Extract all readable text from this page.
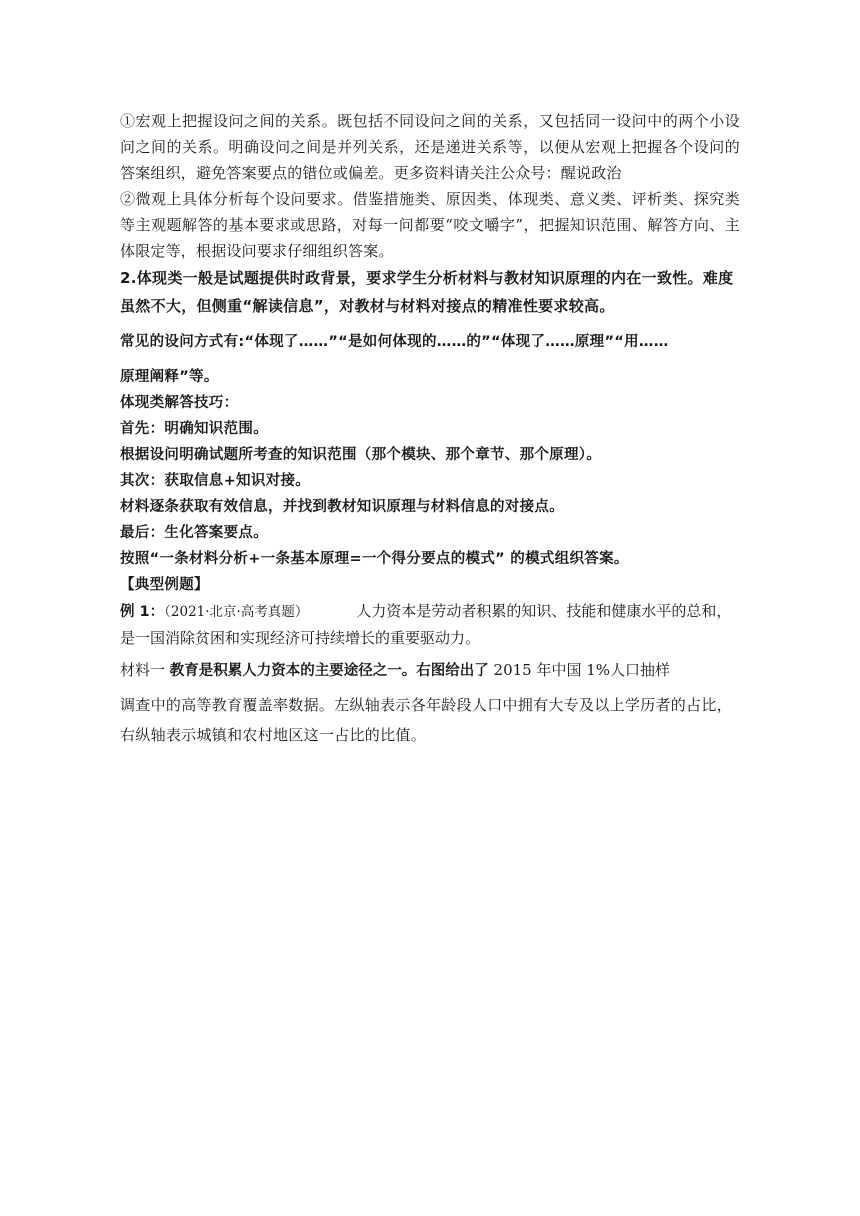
①宏观上把握设问之间的关系。既包括不同设问之间的关系，又包括同一设问中的两个小设问之间的关系。明确设问之间是并列关系，还是递进关系等，以便从宏观上把握各个设问的答案组织，避免答案要点的错位或偏差。更多资料请关注公众号：醒说政治

②微观上具体分析每个设问要求。借鉴措施类、原因类、体现类、意义类、评析类、探究类等主观题解答的基本要求或思路，对每一问都要“咬文嚼字”，把握知识范围、解答方向、主体限定等，根据设问要求仔细组织答案。

2.体现类一般是试题提供时政背景，要求学生分析材料与教材知识原理的内在一致性。难度虽然不大，但侧重“解读信息”，对教材与材料对接点的精准性要求较高。

常见的设问方式有:“体现了……”“是如何体现的……的”“体现了……原理”“用……

原理阐释”等。

体现类解答技巧：

首先：明确知识范围。

根据设问明确试题所考查的知识范围（那个模块、那个章节、那个原理）。

其次：获取信息+知识对接。

材料逐条获取有效信息，并找到教材知识原理与材料信息的对接点。

最后：生化答案要点。

按照“一条材料分析+一条基本原理=一个得分要点的模式” 的模式组织答案。

【典型例题】

例 1：（2021·北京·高考真题）	人力资本是劳动者积累的知识、技能和健康水平的总和，是一国消除贫困和实现经济可持续增长的重要驱动力。

材料一 教育是积累人力资本的主要途径之一。右图给出了 2015 年中国 1%人口抽样

调查中的高等教育覆盖率数据。左纵轴表示各年龄段人口中拥有大专及以上学历者的占比，右纵轴表示城镇和农村地区这一占比的比值。
